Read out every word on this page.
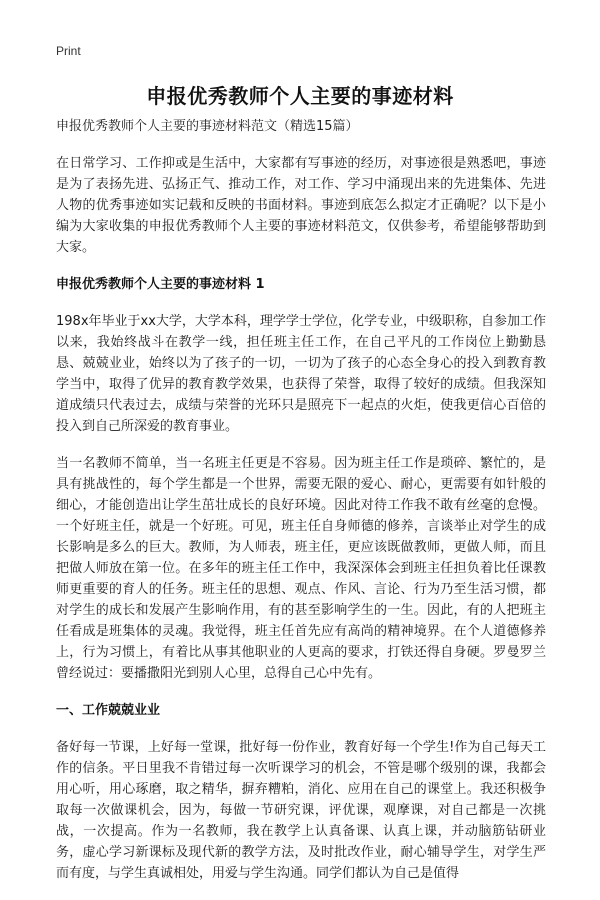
Print
申报优秀教师个人主要的事迹材料
申报优秀教师个人主要的事迹材料范文（精选15篇）

在日常学习、工作抑或是生活中，大家都有写事迹的经历，对事迹很是熟悉吧，事迹是为了表扬先进、弘扬正气、推动工作，对工作、学习中涌现出来的先进集体、先进人物的优秀事迹如实记载和反映的书面材料。事迹到底怎么拟定才正确呢？以下是小编为大家收集的申报优秀教师个人主要的事迹材料范文，仅供参考，希望能够帮助到大家。

申报优秀教师个人主要的事迹材料 1

198x年毕业于xx大学，大学本科，理学学士学位，化学专业，中级职称，自参加工作以来，我始终战斗在教学一线，担任班主任工作，在自己平凡的工作岗位上勤勤恳恳、兢兢业业，始终以为了孩子的一切，一切为了孩子的心态全身心的投入到教育教学当中，取得了优异的教育教学效果，也获得了荣誉，取得了较好的成绩。但我深知道成绩只代表过去，成绩与荣誉的光环只是照亮下一起点的火炬，使我更信心百倍的投入到自己所深爱的教育事业。

当一名教师不简单，当一名班主任更是不容易。因为班主任工作是琐碎、繁忙的，是具有挑战性的，每个学生都是一个世界，需要无限的爱心、耐心，更需要有如针般的细心，才能创造出让学生茁壮成长的良好环境。因此对待工作我不敢有丝毫的怠慢。一个好班主任，就是一个好班。可见，班主任自身师德的修养，言谈举止对学生的成长影响是多么的巨大。教师，为人师表，班主任，更应该既做教师，更做人师，而且把做人师放在第一位。在多年的班主任工作中，我深深体会到班主任担负着比任课教师更重要的育人的任务。班主任的思想、观点、作风、言论、行为乃至生活习惯，都对学生的成长和发展产生影响作用，有的甚至影响学生的一生。因此，有的人把班主任看成是班集体的灵魂。我觉得，班主任首先应有高尚的精神境界。在个人道德修养上，行为习惯上，有着比从事其他职业的人更高的要求，打铁还得自身硬。罗曼罗兰曾经说过：要播撒阳光到别人心里，总得自己心中先有。

一、工作兢兢业业

备好每一节课，上好每一堂课，批好每一份作业，教育好每一个学生!作为自己每天工作的信条。平日里我不肯错过每一次听课学习的机会，不管是哪个级别的课，我都会用心听，用心琢磨，取之精华，摒弃糟粕，消化、应用在自己的课堂上。我还积极争取每一次做课机会，因为，每做一节研究课，评优课，观摩课，对自己都是一次挑战，一次提高。作为一名教师，我在教学上认真备课、认真上课，并动脑筋钻研业务，虚心学习新课标及现代新的教学方法，及时批改作业，耐心辅导学生，对学生严而有度，与学生真诚相处，用爱与学生沟通。同学们都认为自己是值得
